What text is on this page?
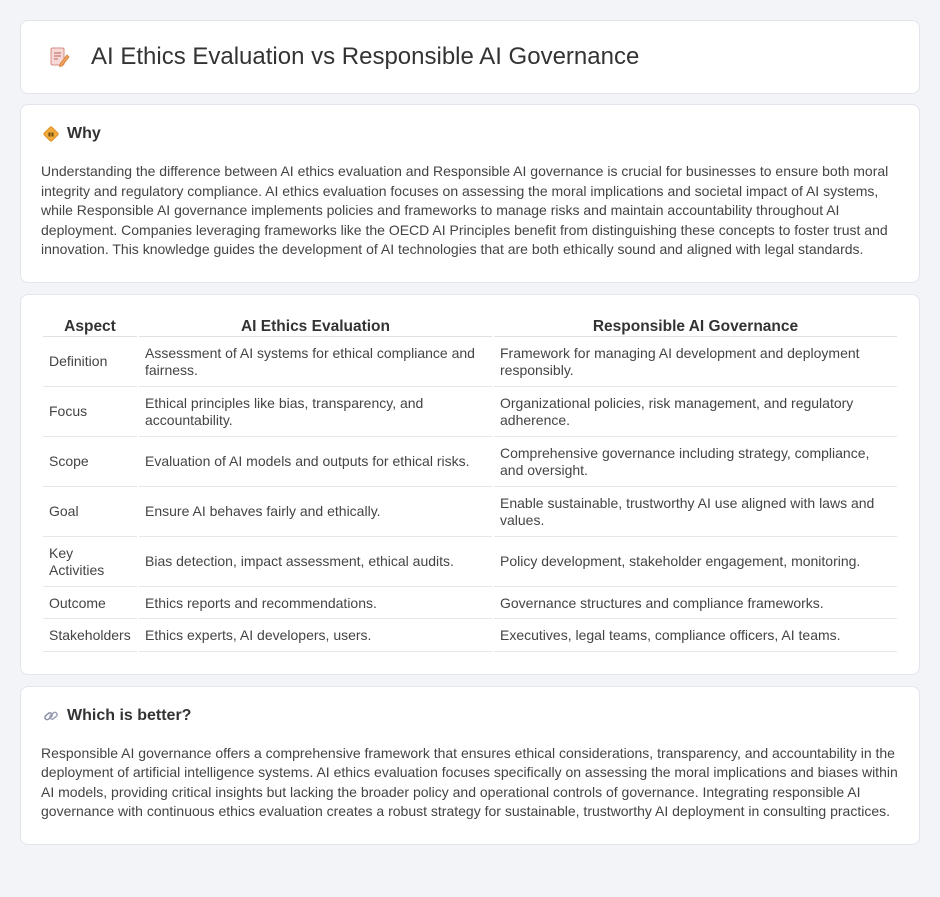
AI Ethics Evaluation vs Responsible AI Governance
Why

Understanding the difference between AI ethics evaluation and Responsible AI governance is crucial for businesses to ensure both moral integrity and regulatory compliance. AI ethics evaluation focuses on assessing the moral implications and societal impact of AI systems, while Responsible AI governance implements policies and frameworks to manage risks and maintain accountability throughout AI deployment. Companies leveraging frameworks like the OECD AI Principles benefit from distinguishing these concepts to foster trust and innovation. This knowledge guides the development of AI technologies that are both ethically sound and aligned with legal standards.

Aspect	AI Ethics Evaluation	Responsible AI Governance
Definition	Assessment of AI systems for ethical compliance and fairness.	Framework for managing AI development and deployment responsibly.
Focus	Ethical principles like bias, transparency, and accountability.	Organizational policies, risk management, and regulatory adherence.
Scope	Evaluation of AI models and outputs for ethical risks.	Comprehensive governance including strategy, compliance, and oversight.
Goal	Ensure AI behaves fairly and ethically.	Enable sustainable, trustworthy AI use aligned with laws and values.
Key Activities	Bias detection, impact assessment, ethical audits.	Policy development, stakeholder engagement, monitoring.
Outcome	Ethics reports and recommendations.	Governance structures and compliance frameworks.
Stakeholders	Ethics experts, AI developers, users.	Executives, legal teams, compliance officers, AI teams.
Which is better?

Responsible AI governance offers a comprehensive framework that ensures ethical considerations, transparency, and accountability in the deployment of artificial intelligence systems. AI ethics evaluation focuses specifically on assessing the moral implications and biases within AI models, providing critical insights but lacking the broader policy and operational controls of governance. Integrating responsible AI governance with continuous ethics evaluation creates a robust strategy for sustainable, trustworthy AI deployment in consulting practices.
